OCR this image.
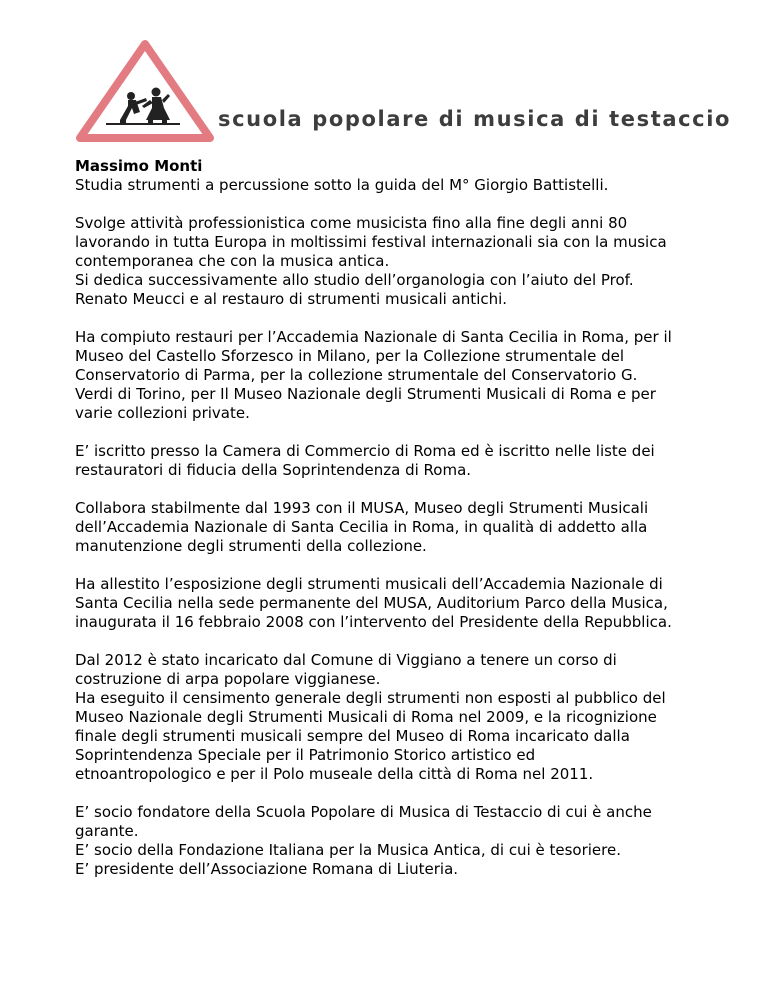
scuola popolare di musica di testaccio

Massimo Monti
Studia strumenti a percussione sotto la guida del M° Giorgio Battistelli.

Svolge attività professionistica come musicista fino alla fine degli anni 80
lavorando in tutta Europa in moltissimi festival internazionali sia con la musica
contemporanea che con la musica antica.
Si dedica successivamente allo studio dell’organologia con l’aiuto del Prof.
Renato Meucci e al restauro di strumenti musicali antichi.

Ha compiuto restauri per l’Accademia Nazionale di Santa Cecilia in Roma, per il
Museo del Castello Sforzesco in Milano, per la Collezione strumentale del
Conservatorio di Parma, per la collezione strumentale del Conservatorio G.
Verdi di Torino, per Il Museo Nazionale degli Strumenti Musicali di Roma e per
varie collezioni private.

E’ iscritto presso la Camera di Commercio di Roma ed è iscritto nelle liste dei
restauratori di fiducia della Soprintendenza di Roma.

Collabora stabilmente dal 1993 con il MUSA, Museo degli Strumenti Musicali
dell’Accademia Nazionale di Santa Cecilia in Roma, in qualità di addetto alla
manutenzione degli strumenti della collezione.

Ha allestito l’esposizione degli strumenti musicali dell’Accademia Nazionale di
Santa Cecilia nella sede permanente del MUSA, Auditorium Parco della Musica,
inaugurata il 16 febbraio 2008 con l’intervento del Presidente della Repubblica.

Dal 2012 è stato incaricato dal Comune di Viggiano a tenere un corso di
costruzione di arpa popolare viggianese.
Ha eseguito il censimento generale degli strumenti non esposti al pubblico del
Museo Nazionale degli Strumenti Musicali di Roma nel 2009, e la ricognizione
finale degli strumenti musicali sempre del Museo di Roma incaricato dalla
Soprintendenza Speciale per il Patrimonio Storico artistico ed
etnoantropologico e per il Polo museale della città di Roma nel 2011.

E’ socio fondatore della Scuola Popolare di Musica di Testaccio di cui è anche
garante.
E’ socio della Fondazione Italiana per la Musica Antica, di cui è tesoriere.
E’ presidente dell’Associazione Romana di Liuteria.
